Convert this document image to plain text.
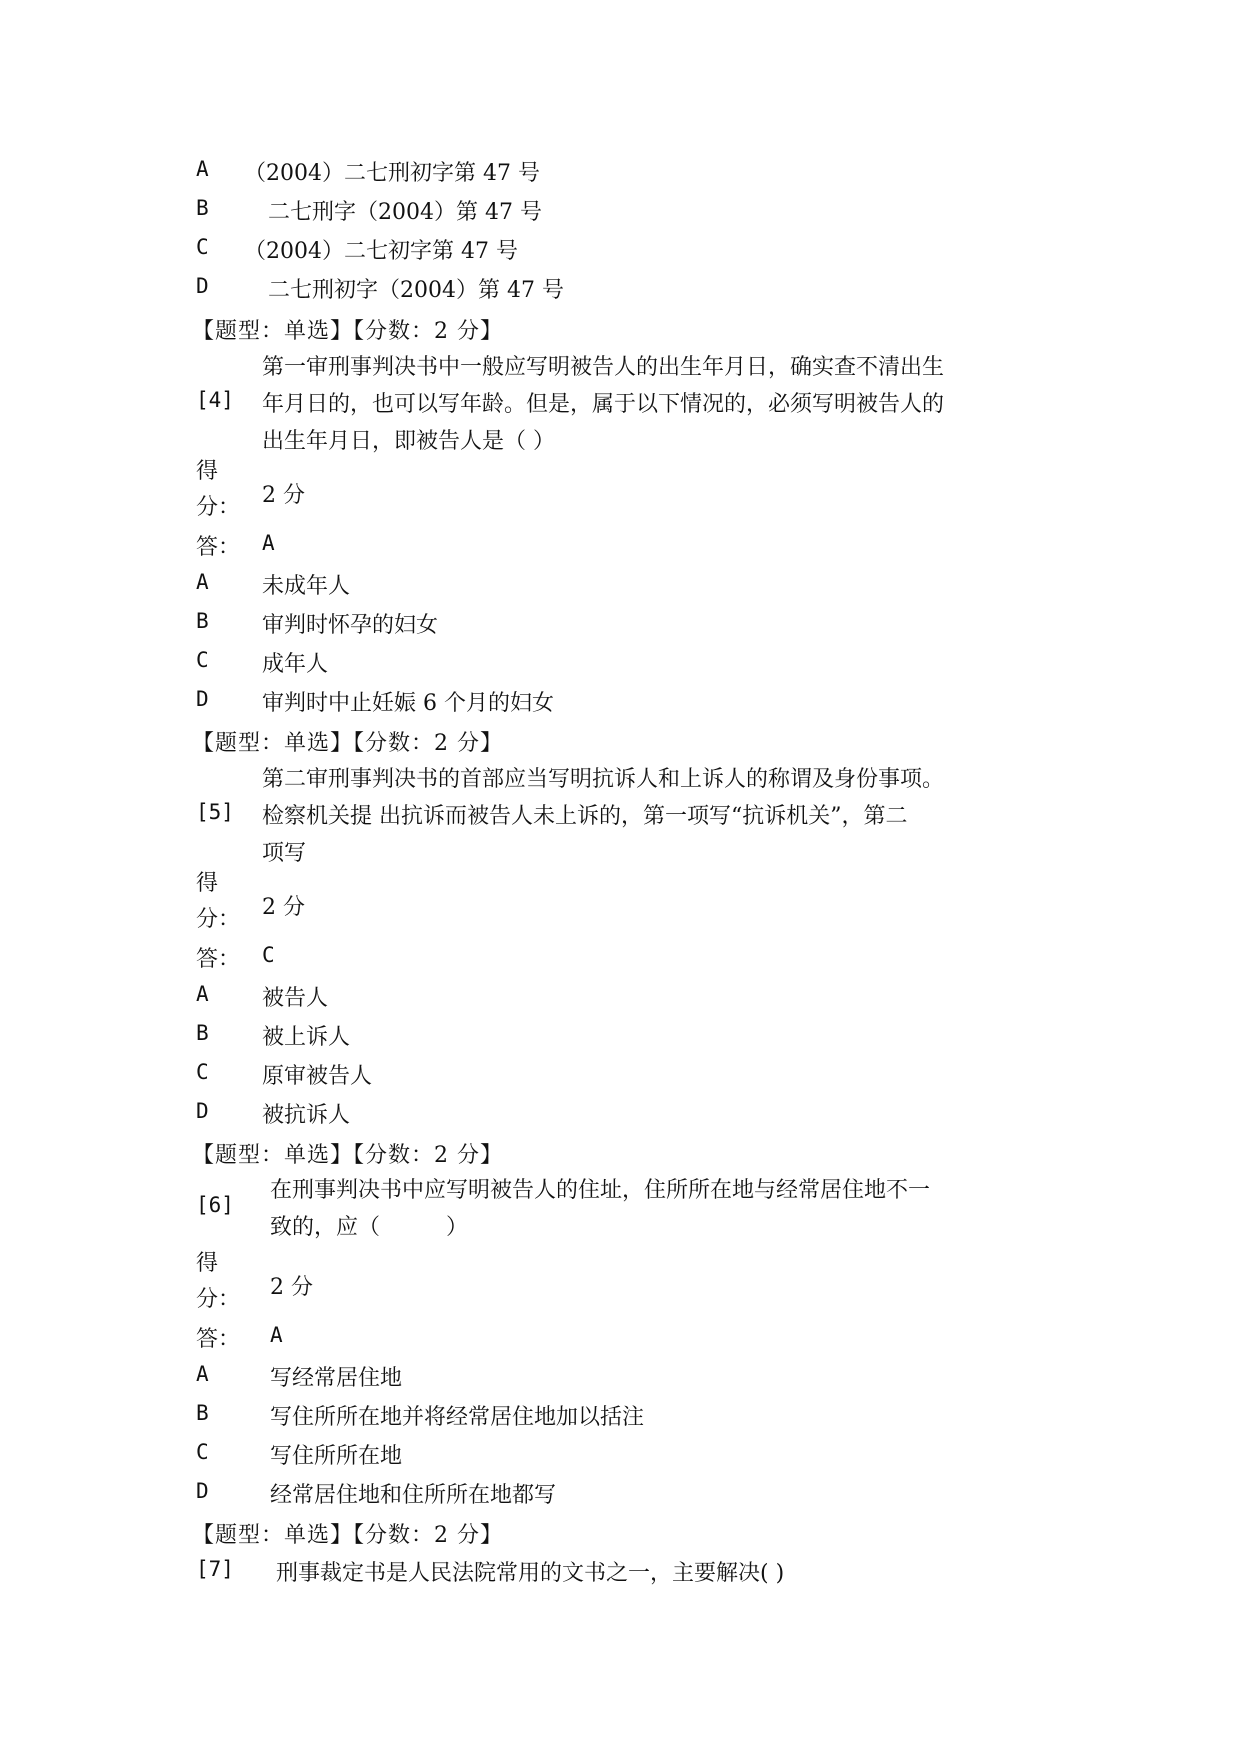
A	（2004）二七刑初字第 47 号
B	二七刑字（2004）第 47 号
C	（2004）二七初字第 47 号
D	二七刑初字（2004）第 47 号
【题型：单选】【分数：2 分】
[4]
第一审刑事判决书中一般应写明被告人的出生年月日，确实查不清出生
年月日的，也可以写年龄。但是，属于以下情况的，必须写明被告人的
出生年月日，即被告人是（ ）
得
分： 2 分
答： A
A	未成年人
B	审判时怀孕的妇女
C	成年人
D	审判时中止妊娠 6 个月的妇女
【题型：单选】【分数：2 分】
[5]
第二审刑事判决书的首部应当写明抗诉人和上诉人的称谓及身份事项。
检察机关提 出抗诉而被告人未上诉的，第一项写“抗诉机关”，第二
项写
得
分： 2 分
答： C
A	被告人
B	被上诉人
C	原审被告人
D	被抗诉人
【题型：单选】【分数：2 分】
[6]
在刑事判决书中应写明被告人的住址，住所所在地与经常居住地不一
致的，应（　　　）
得
分： 2 分
答： A
A	写经常居住地
B	写住所所在地并将经常居住地加以括注
C	写住所所在地
D	经常居住地和住所所在地都写
【题型：单选】【分数：2 分】
[7] 刑事裁定书是人民法院常用的文书之一，主要解决( )
